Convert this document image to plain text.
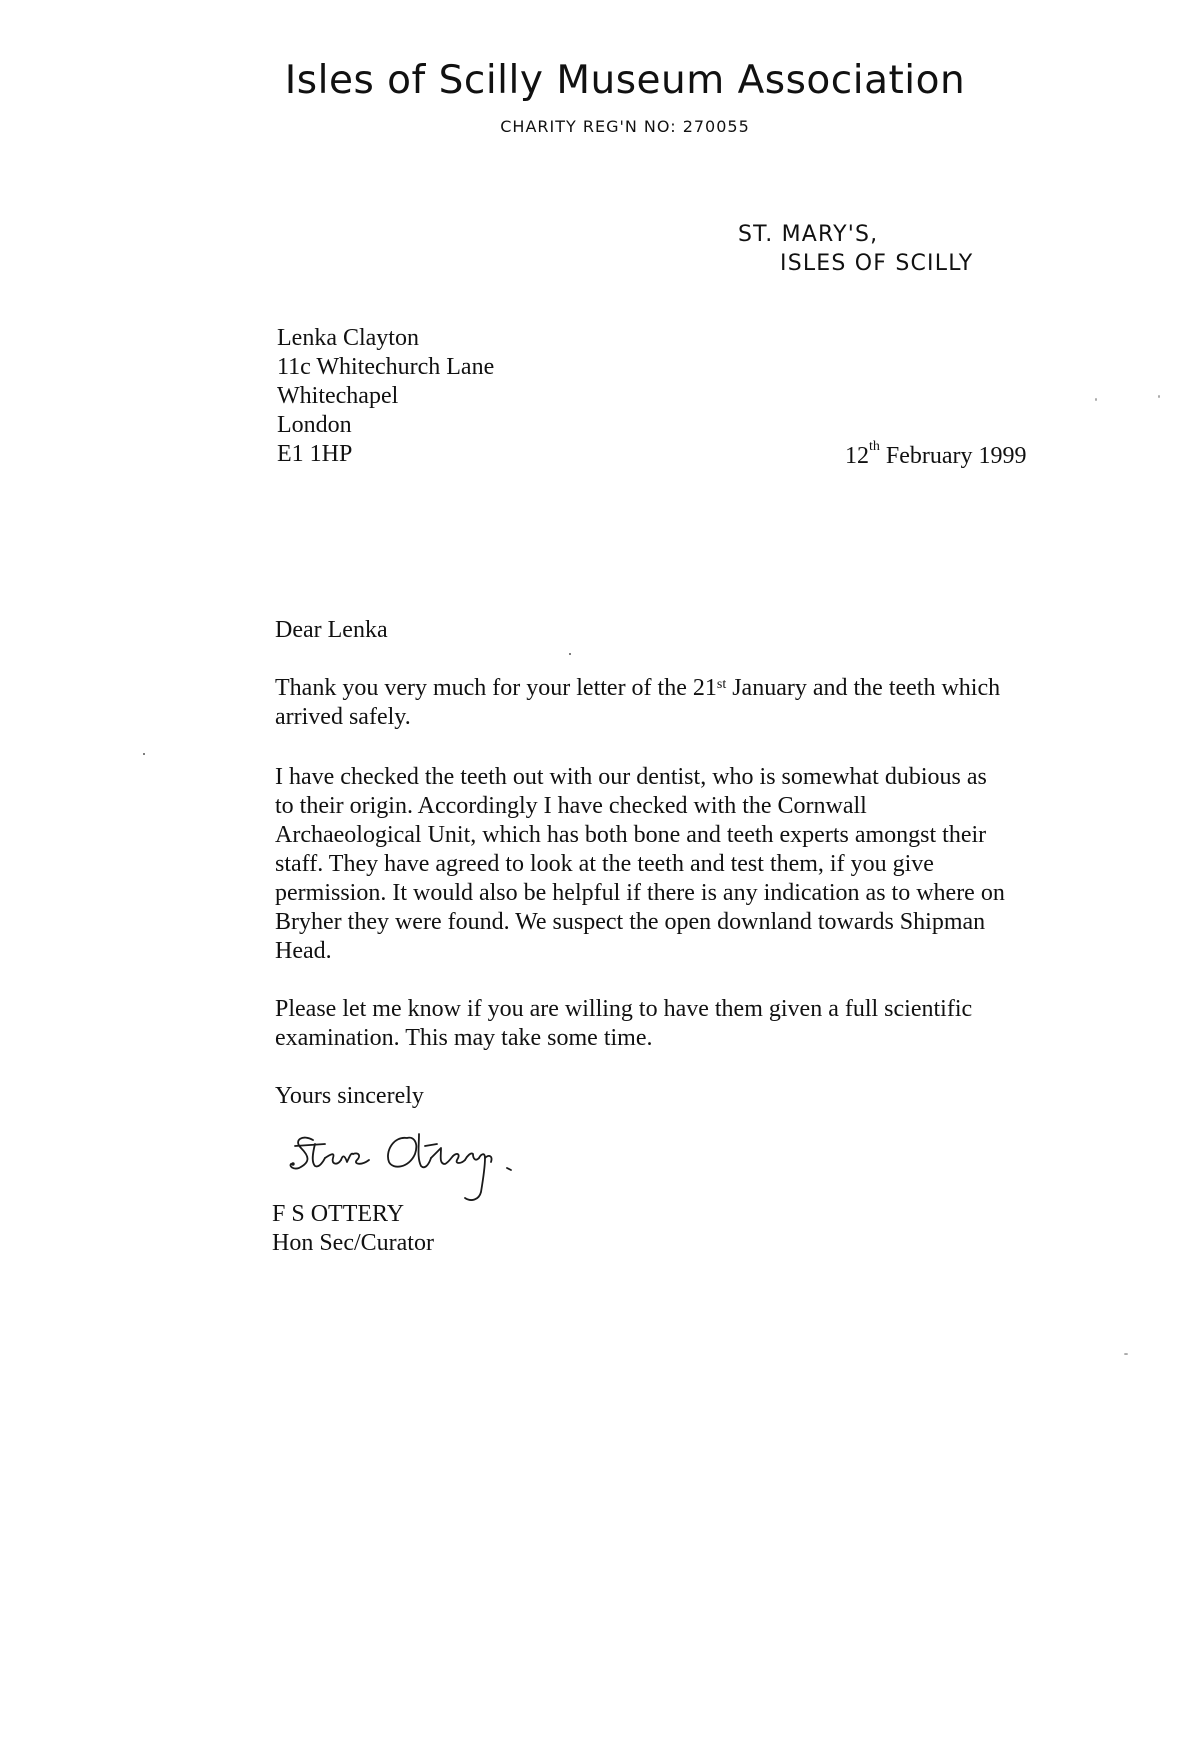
Isles of Scilly Museum Association
CHARITY REG'N NO: 270055
ST. MARY'S,
ISLES OF SCILLY
Lenka Clayton
11c Whitechurch Lane
Whitechapel
London
E1 1HP	12th February 1999
Dear Lenka
Thank you very much for your letter of the 21st January and the teeth which
arrived safely.
I have checked the teeth out with our dentist, who is somewhat dubious as
to their origin. Accordingly I have checked with the Cornwall
Archaeological Unit, which has both bone and teeth experts amongst their
staff. They have agreed to look at the teeth and test them, if you give
permission. It would also be helpful if there is any indication as to where on
Bryher they were found. We suspect the open downland towards Shipman
Head.
Please let me know if you are willing to have them given a full scientific
examination. This may take some time.
Yours sincerely
F S OTTERY
Hon Sec/Curator
